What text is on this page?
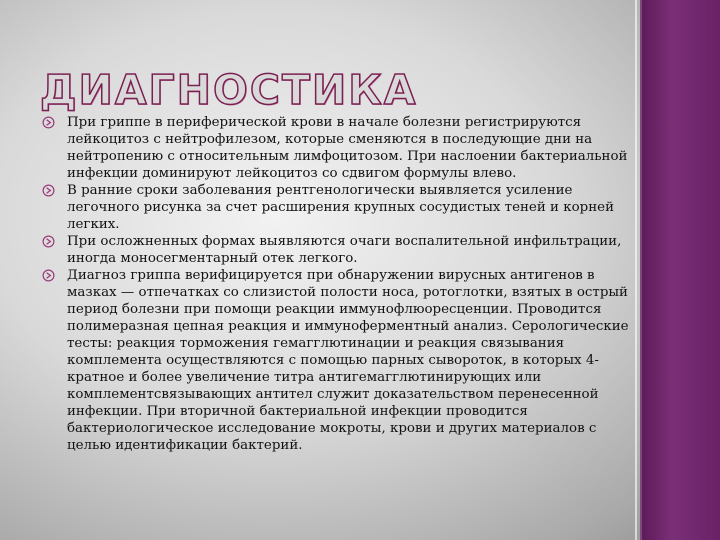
ДИАГНОСТИКА
При гриппе в периферической крови в начале болезни регистрируются лейкоцитоз с нейтрофилезом, которые сменяются в последующие дни на нейтропению с относительным лимфоцитозом. При наслоении бактериальной инфекции доминируют лейкоцитоз со сдвигом формулы влево.
В ранние сроки заболевания рентгенологически выявляется усиление легочного рисунка за счет расширения крупных сосудистых теней и корней легких.
При осложненных формах выявляются очаги воспалительной инфильтрации, иногда моносегментарный отек легкого.
Диагноз гриппа верифицируется при обнаружении вирусных антигенов в мазках — отпечатках со слизистой полости носа, ротоглотки, взятых в острый период болезни при помощи реакции иммунофлюоресценции. Проводится полимеразная цепная реакция и иммуноферментный анализ. Серологические тесты: реакция торможения гемагглютинации и реакция связывания комплемента осуществляются с помощью парных сывороток, в которых 4-кратное и более увеличение титра антигемагглютинирующих или комплементсвязывающих антител служит доказательством перенесенной инфекции. При вторичной бактериальной инфекции проводится бактериологическое исследование мокроты, крови и других материалов с целью идентификации бактерий.
